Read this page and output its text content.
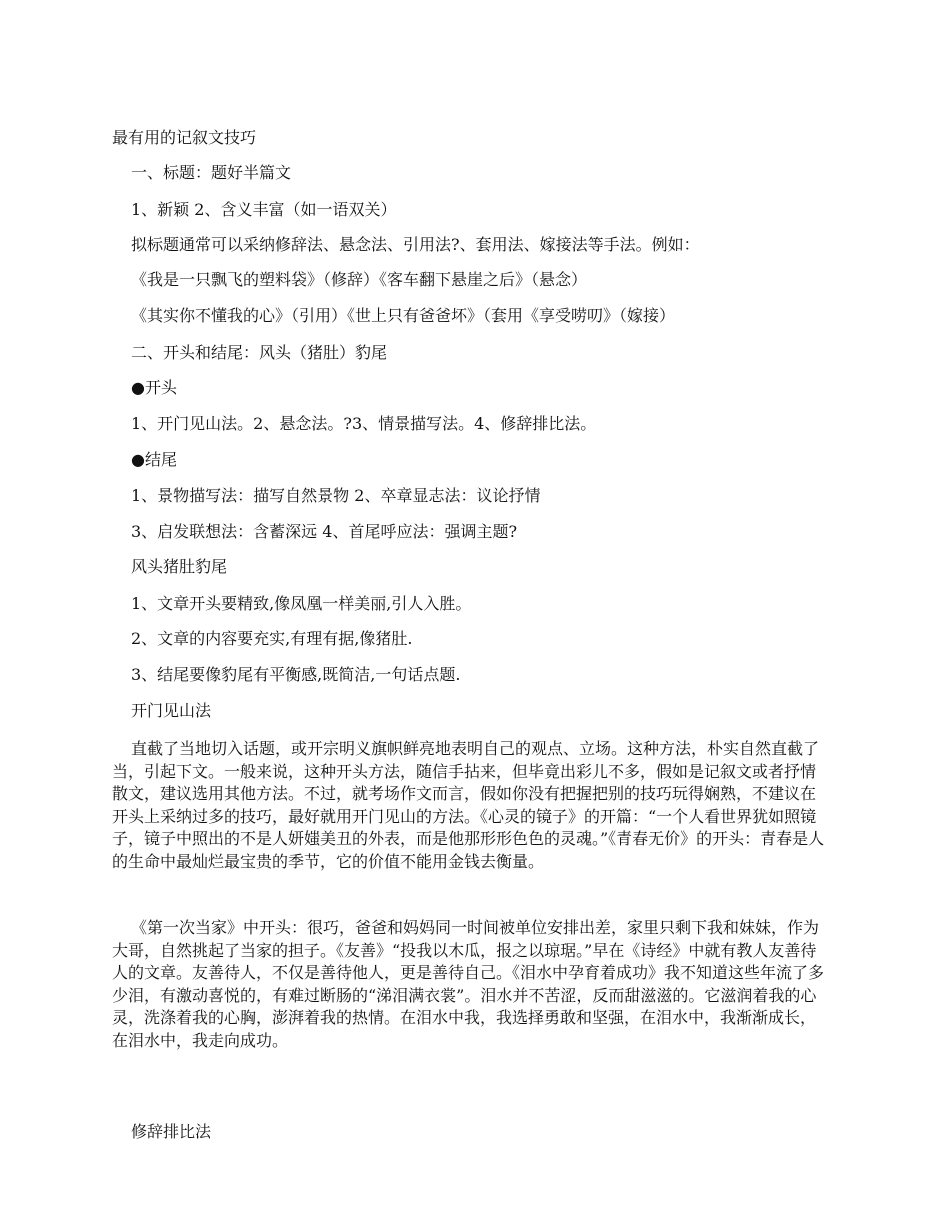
最有用的记叙文技巧
一、标题：题好半篇文
1、新颖 2、含义丰富（如一语双关）
拟标题通常可以采纳修辞法、悬念法、引用法?、套用法、嫁接法等手法。例如：
《我是一只飘飞的塑料袋》（修辞）《客车翻下悬崖之后》（悬念）
《其实你不懂我的心》（引用）《世上只有爸爸坏》（套用《享受唠叨》（嫁接）
二、开头和结尾：风头（猪肚）豹尾
●开头
1、开门见山法。2、悬念法。?3、情景描写法。4、修辞排比法。
●结尾
1、景物描写法：描写自然景物 2、卒章显志法：议论抒情
3、启发联想法：含蓄深远 4、首尾呼应法：强调主题?
风头猪肚豹尾
1、文章开头要精致,像凤凰一样美丽,引人入胜。
2、文章的内容要充实,有理有据,像猪肚.
3、结尾要像豹尾有平衡感,既简洁,一句话点题.
开门见山法
直截了当地切入话题，或开宗明义旗帜鲜亮地表明自己的观点、立场。这种方法，朴实自然直截了当，引起下文。一般来说，这种开头方法，随信手拈来，但毕竟出彩儿不多，假如是记叙文或者抒情散文，建议选用其他方法。不过，就考场作文而言，假如你没有把握把别的技巧玩得娴熟，不建议在开头上采纳过多的技巧，最好就用开门见山的方法。《心灵的镜子》的开篇：“一个人看世界犹如照镜子，镜子中照出的不是人妍媸美丑的外表，而是他那形形色色的灵魂。”《青春无价》的开头：青春是人的生命中最灿烂最宝贵的季节，它的价值不能用金钱去衡量。
《第一次当家》中开头：很巧，爸爸和妈妈同一时间被单位安排出差，家里只剩下我和妹妹，作为大哥，自然挑起了当家的担子。《友善》“投我以木瓜，报之以琼琚。”早在《诗经》中就有教人友善待人的文章。友善待人，不仅是善待他人，更是善待自己。《泪水中孕育着成功》我不知道这些年流了多少泪，有激动喜悦的，有难过断肠的“涕泪满衣裳”。泪水并不苦涩，反而甜滋滋的。它滋润着我的心灵，洗涤着我的心胸，澎湃着我的热情。在泪水中我，我选择勇敢和坚强，在泪水中，我渐渐成长，在泪水中，我走向成功。
修辞排比法
